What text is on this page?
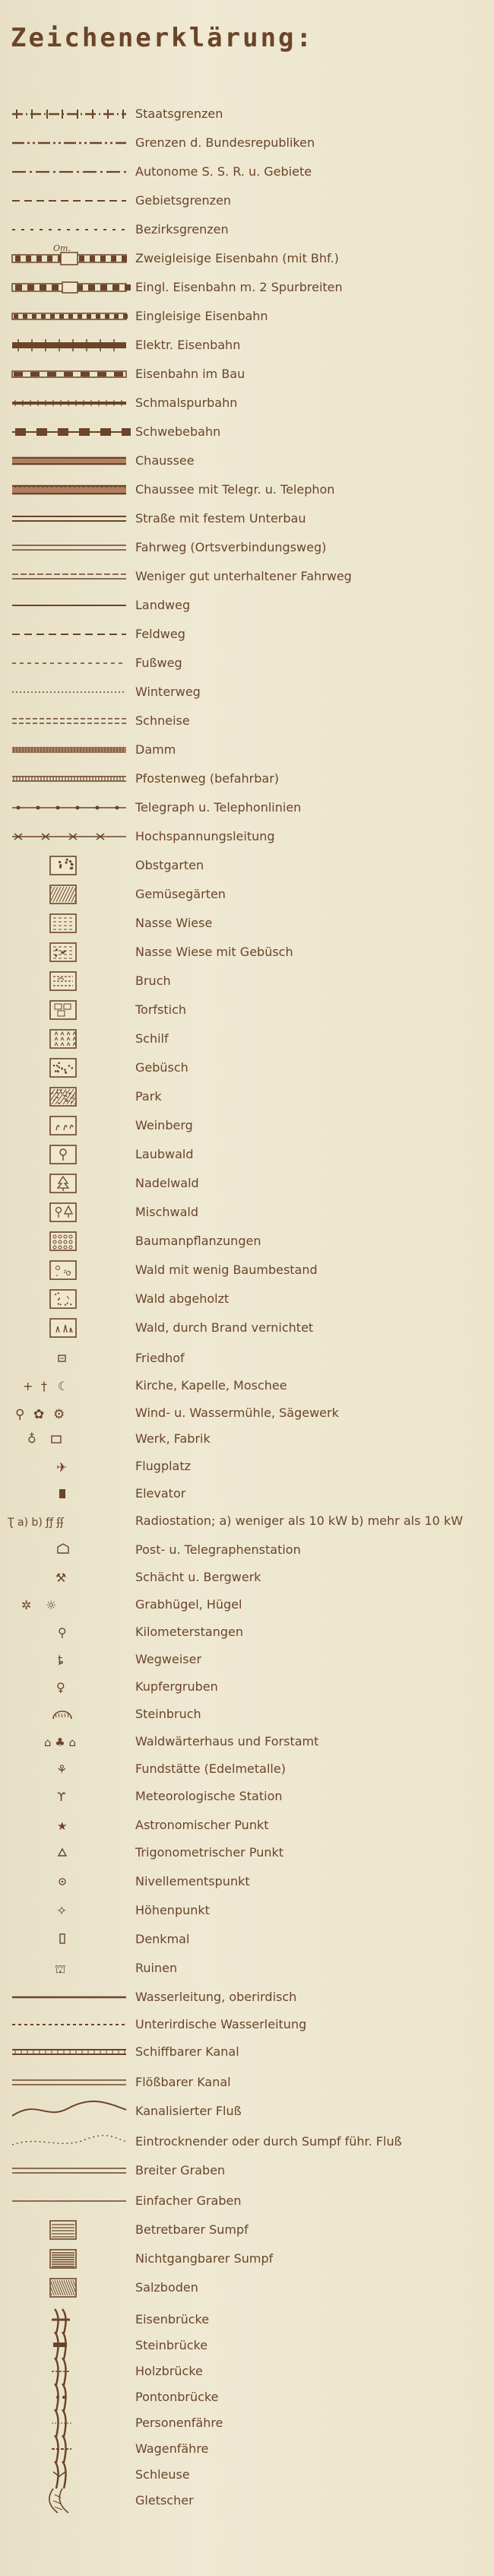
Zeichenerklärung:
Staatsgrenzen
Grenzen d. Bundesrepubliken
Autonome S. S. R. u. Gebiete
Gebietsgrenzen
Bezirksgrenzen
Om.
Zweigleisige Eisenbahn (mit Bhf.)
Eingl. Eisenbahn m. 2 Spurbreiten
Eingleisige Eisenbahn
Elektr. Eisenbahn
Eisenbahn im Bau
Schmalspurbahn
Schwebebahn
Chaussee
Chaussee mit Telegr. u. Telephon
Straße mit festem Unterbau
Fahrweg (Ortsverbindungsweg)
Weniger gut unterhaltener Fahrweg
Landweg
Feldweg
Fußweg
Winterweg
Schneise
Damm
Pfostenweg (befahrbar)
Telegraph u. Telephonlinien
Hochspannungsleitung
Obstgarten
Gemüsegärten
Nasse Wiese
Nasse Wiese mit Gebüsch
Bruch
Torfstich
Schilf
Gebüsch
Park
Weinberg
Laubwald
Nadelwald
Mischwald
Baumanpflanzungen
Wald mit wenig Baumbestand
Wald abgeholzt
Wald, durch Brand vernichtet
Friedhof
+ † ☾	Kirche, Kapelle, Moschee
⚲ ✿ ⚙	Wind- u. Wassermühle, Sägewerk
♁	Werk, Fabrik
✈	Flugplatz
Elevator
Ʈ a) b) ƒƒ ʄʄ	Radiostation; a) weniger als 10 kW b) mehr als 10 kW
Post- u. Telegraphenstation
⚒	Schächt u. Bergwerk
✲ ☼	Grabhügel, Hügel
⚲	Kilometerstangen
ȶ	Wegweiser
♀	Kupfergruben
Steinbruch
⌂ ♣ ⌂	Waldwärterhaus und Forstamt
⚘	Fundstätte (Edelmetalle)
ϒ	Meteorologische Station
★	Astronomischer Punkt
Trigonometrischer Punkt
Nivellementspunkt
✧	Höhenpunkt
Denkmal
⛫	Ruinen
Wasserleitung, oberirdisch
Unterirdische Wasserleitung
Schiffbarer Kanal
Flößbarer Kanal
Kanalisierter Fluß
Eintrocknender oder durch Sumpf führ. Fluß
Breiter Graben
Einfacher Graben
Betretbarer Sumpf
Nichtgangbarer Sumpf
Salzboden
Eisenbrücke
Steinbrücke
Holzbrücke
Pontonbrücke
Personenfähre
Wagenfähre
Schleuse
Gletscher
